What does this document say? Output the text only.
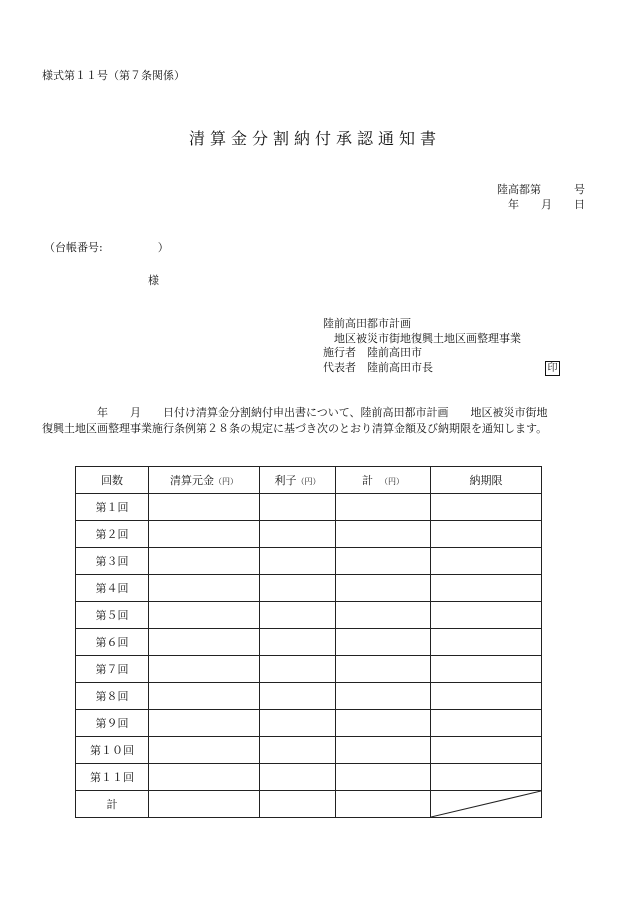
様式第１１号（第７条関係）
清算金分割納付承認通知書
陸高都第　　　号
年　　月　　日
（台帳番号:　　　　　）
様
陸前高田都市計画
　地区被災市街地復興土地区画整理事業
施行者　陸前高田市
代表者　陸前高田市長	印
　　　　　年　　月　　日付け清算金分割納付申出書について、陸前高田都市計画　　地区被災市街地
復興土地区画整理事業施行条例第２８条の規定に基づき次のとおり清算金額及び納期限を通知します。
回数	清算元金（円）	利子（円）	計　（円）	納期限
第１回				
第２回				
第３回				
第４回				
第５回				
第６回				
第７回				
第８回				
第９回				
第１０回				
第１１回				
計				
